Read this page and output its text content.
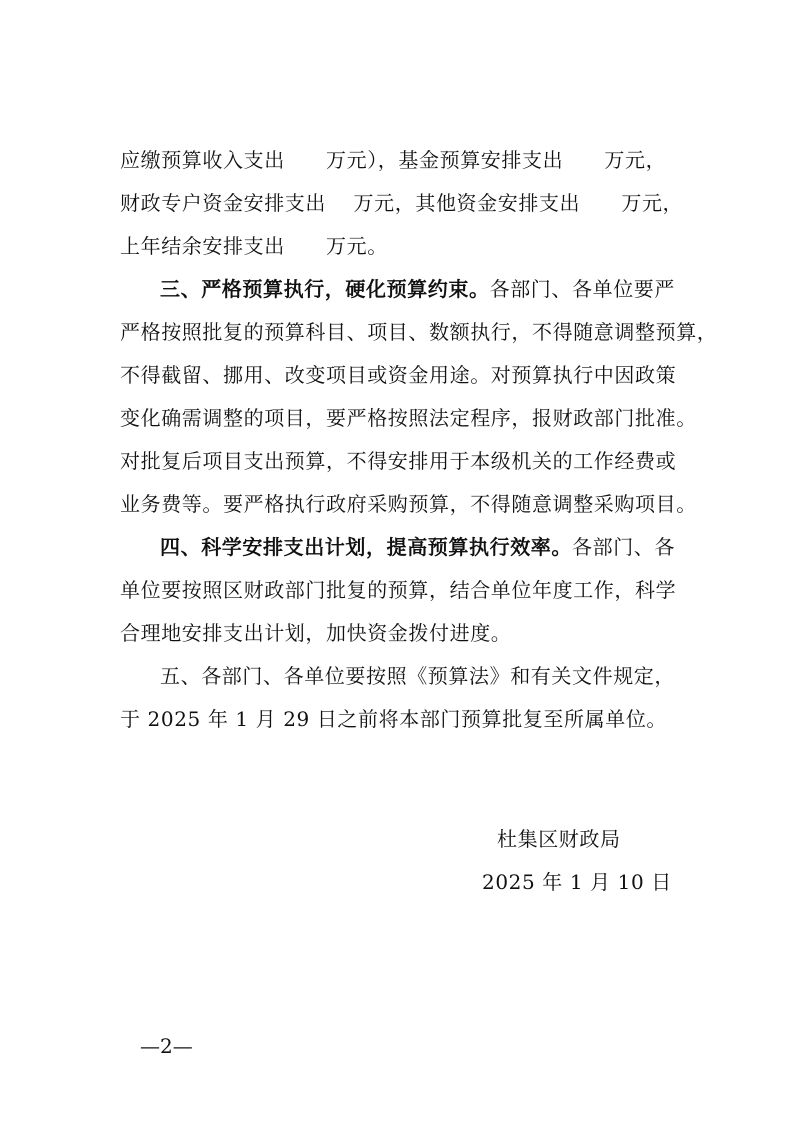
应缴预算收入支出　　万元），基金预算安排支出　　万元，
财政专户资金安排支出　 万元，其他资金安排支出　　万元，
上年结余安排支出　　万元。
三、严格预算执行，硬化预算约束。各部门、各单位要严
严格按照批复的预算科目、项目、数额执行，不得随意调整预算，
不得截留、挪用、改变项目或资金用途。对预算执行中因政策
变化确需调整的项目，要严格按照法定程序，报财政部门批准。
对批复后项目支出预算，不得安排用于本级机关的工作经费或
业务费等。要严格执行政府采购预算，不得随意调整采购项目。
四、科学安排支出计划，提高预算执行效率。各部门、各
单位要按照区财政部门批复的预算，结合单位年度工作，科学
合理地安排支出计划，加快资金拨付进度。
五、各部门、各单位要按照《预算法》和有关文件规定，
于 2025 年 1 月 29 日之前将本部门预算批复至所属单位。
杜集区财政局
2025 年 1 月 10 日
—2—
